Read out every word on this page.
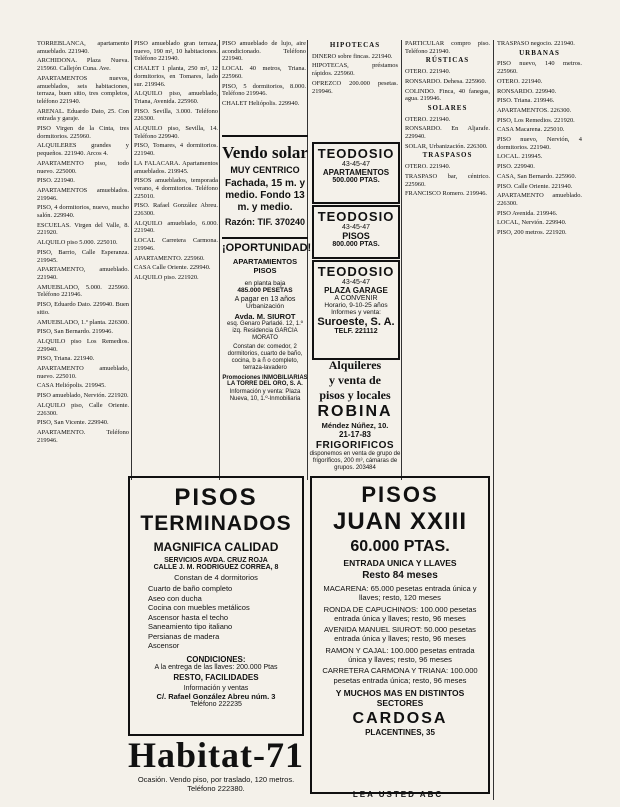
TORREBLANCA, apartamento amueblado. 221940.

ARCHIDONA. Plaza Nueva. 215960. Callejón Cuna. Ave.

APARTAMENTOS nuevos, amueblados, seis habitaciones, terraza, buen sitio, tres completos, teléfono 221940.

ARENAL. Eduardo Dato, 25. Con entrada y garaje.

PISO Virgen de la Cinta, tres dormitorios. 225960.

ALQUILERES grandes y pequeños. 221940. Arcos 4.

APARTAMENTO piso, todo nuevo. 225000.

PISO. 221940.

APARTAMENTOS amueblados. 219946.

PISO, 4 dormitorios, nuevo, mucho salón. 229940.

ESCUELAS. Virgen del Valle, 8. 221920.

ALQUILO piso 5.000. 225010.

PISO, Barrio, Calle Esperanza. 219945.

APARTAMENTO, amueblado. 221940.

AMUEBLADO, 5.000. 225960. Teléfono 221946.

PISO, Eduardo Dato. 229940. Buen sitio.

AMUEBLADO, 1.º planta. 226300.

PISO, San Bernardo. 219946.

ALQUILO piso Los Remedios. 229940.

PISO, Triana. 221940.

APARTAMENTO amueblado, nuevo. 225010.

CASA Heliópolis. 219945.

PISO amueblado, Nervión. 221920.

ALQUILO piso, Calle Oriente. 226300.

PISO, San Vicente. 229940.

APARTAMENTO. Teléfono 219946.

PISO amueblado gran terraza, nuevo, 190 m², 10 habitaciones. Teléfono 221940.

CHALET 1 planta, 250 m², 12 dormitorios, en Tomares, lado sur. 219946.

ALQUILO piso, amueblado, Triana, Avenida. 225960.

PISO. Sevilla, 3.000. Teléfono 226300.

ALQUILO piso, Sevilla, 14. Teléfono 229940.

PISO, Tomares, 4 dormitorios. 221940.

LA FALACARA. Apartamentos amueblados. 219945.

PISOS amueblados, temporada verano, 4 dormitorios. Teléfono 225010.

PISO. Rafael González Abreu. 226300.

ALQUILO amueblado, 6.000. 221940.

LOCAL Carretera Carmona. 219946.

APARTAMENTO. 225960.

CASA Calle Oriente. 229940.

ALQUILO piso. 221920.

PISO amueblado de lujo, aire acondicionado. Teléfono 221940.

LOCAL 40 metros, Triana. 225960.

PISO, 5 dormitorios, 8.000. Teléfono 219946.

CHALET Heliópolis. 229940.

HIPOTECAS

DINERO sobre fincas. 221940.

HIPOTECAS, préstamos rápidos. 225960.

OFREZCO 200.000 pesetas. 219946.

PARTICULAR compro piso. Teléfono 221940.

RÚSTICAS

OTERO. 221940.

RONSARDO. Dehesa. 225960.

COLINDO. Finca, 40 fanegas, agua. 219946.

SOLARES

OTERO. 221940.

RONSARDO. En Aljarafe. 229940.

SOLAR, Urbanización. 226300.

TRASPASOS

OTERO. 221940.

TRASPASO bar, céntrico. 225960.

FRANCISCO Romero. 219946.

TRASPASO negocio. 221940.

URBANAS

PISO nuevo, 140 metros. 225960.

OTERO. 221940.

RONSARDO. 229940.

PISO. Triana. 219946.

APARTAMENTOS. 226300.

PISO, Los Remedios. 221920.

CASA Macarena. 225010.

PISO nuevo, Nervión, 4 dormitorios. 221940.

LOCAL. 219945.

PISO. 229940.

CASA, San Bernardo. 225960.

PISO. Calle Oriente. 221940.

APARTAMENTO amueblado. 226300.

PISO Avenida. 219946.

LOCAL, Nervión. 229940.

PISO, 200 metros. 221920.

Vendo solar
MUY CENTRICO
Fachada, 15 m. y medio. Fondo 13 m. y medio.
Razón: TIF. 370240
¡OPORTUNIDAD!
APARTAMIENTOS
PISOS
en planta baja
485.000 PESETAS
A pagar en 13 años
Urbanización
Avda. M. SIUROT
esq. Genaro Parladé. 12, 1.º izq. Residencia GARCIA MORATO
Constan de: comedor, 2 dormitorios, cuarto de baño, cocina, b a ñ o completo, terraza-lavadero
Promociones INMOBILIARIAS
LA TORRE DEL ORO, S. A.
Información y venta: Plaza Nueva, 10, 1.º-Inmobiliaria
TEODOSIO
43-45-47
APARTAMENTOS
500.000 PTAS.
TEODOSIO
43-45-47
PISOS
800.000 PTAS.
TEODOSIO
43-45-47
PLAZA GARAGE
A CONVENIR
Horario, 9-10-25 años
Informes y venta:
Suroeste, S. A.
TELF. 221112
Alquileres
y venta de
pisos y locales
ROBINA
Méndez Núñez, 10.
21-17-83
FRIGORIFICOS
disponemos en venta de grupo de frigoríficos, 200 m³, cámaras de grupos. 203484
PISOS
TERMINADOS
MAGNIFICA CALIDAD
SERVICIOS AVDA. CRUZ ROJA
CALLE J. M. RODRIGUEZ CORREA, 8
Constan de 4 dormitorios
Cuarto de baño completo
Aseo con ducha
Cocina con muebles metálicos
Ascensor hasta el techo
Saneamiento tipo italiano
Persianas de madera
Ascensor
CONDICIONES:
A la entrega de las llaves: 200.000 Ptas
RESTO, FACILIDADES
Información y ventas
C/. Rafael González Abreu núm. 3
Teléfono 222235
PISOS
JUAN XXIII
60.000 PTAS.
ENTRADA UNICA Y LLAVES
Resto 84 meses
MACARENA: 65.000 pesetas entrada única y llaves; resto, 120 meses
RONDA DE CAPUCHINOS: 100.000 pesetas entrada única y llaves; resto, 96 meses
AVENIDA MANUEL SIUROT: 50.000 pesetas entrada única y llaves; resto, 96 meses
RAMON Y CAJAL: 100.000 pesetas entrada única y llaves; resto, 96 meses
CARRETERA CARMONA Y TRIANA: 100.000 pesetas entrada única; resto, 96 meses
Y MUCHOS MAS EN DISTINTOS SECTORES
CARDOSA
PLACENTINES, 35
Habitat-71
Ocasión. Vendo piso, por traslado, 120 metros. Teléfono 222380.
LEA USTED ABC
